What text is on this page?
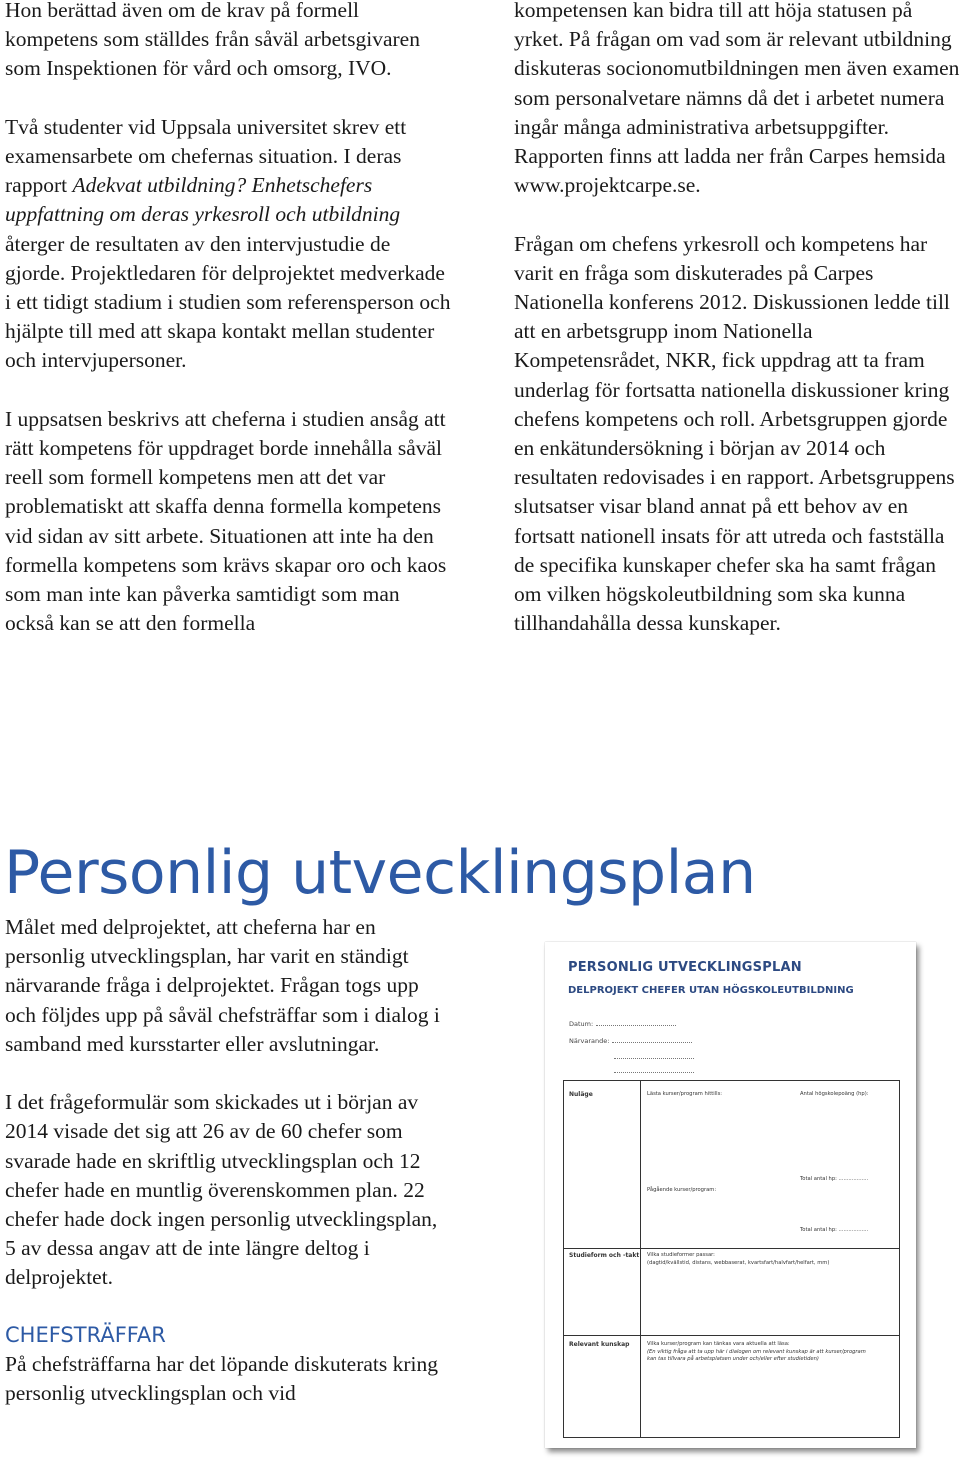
Hon berättad även om de krav på formell kompetens som ställdes från såväl arbetsgivaren som Inspektionen för vård och omsorg, IVO.

Två studenter vid Uppsala universitet skrev ett examensarbete om chefernas situation. I deras rapport Adekvat utbildning? Enhetschefers uppfattning om deras yrkesroll och utbildning återger de resultaten av den intervjustudie de gjorde. Projektledaren för delprojektet medverkade i ett tidigt stadium i studien som referensperson och hjälpte till med att skapa kontakt mellan studenter och intervjupersoner.

I uppsatsen beskrivs att cheferna i studien ansåg att rätt kompetens för uppdraget borde innehålla såväl reell som formell kompetens men att det var problematiskt att skaffa denna formella kompetens vid sidan av sitt arbete. Situationen att inte ha den formella kompetens som krävs skapar oro och kaos som man inte kan påverka samtidigt som man också kan se att den formella

kompetensen kan bidra till att höja statusen på yrket. På frågan om vad som är relevant utbildning diskuteras socionomutbildningen men även examen som personalvetare nämns då det i arbetet numera ingår många administrativa arbetsuppgifter. Rapporten finns att ladda ner från Carpes hemsida www.projektcarpe.se.

Frågan om chefens yrkesroll och kompetens har varit en fråga som diskuterades på Carpes Nationella konferens 2012. Diskussionen ledde till att en arbetsgrupp inom Nationella Kompetensrådet, NKR, fick uppdrag att ta fram underlag för fortsatta nationella diskussioner kring chefens kompetens och roll. Arbetsgruppen gjorde en enkätundersökning i början av 2014 och resultaten redovisades i en rapport. Arbetsgruppens slutsatser visar bland annat på ett behov av en fortsatt nationell insats för att utreda och fastställa de specifika kunskaper chefer ska ha samt frågan om vilken högskoleutbildning som ska kunna tillhandahålla dessa kunskaper.

Personlig utvecklingsplan

Målet med delprojektet, att cheferna har en personlig utvecklingsplan, har varit en ständigt närvarande fråga i delprojektet. Frågan togs upp och följdes upp på såväl chefsträffar som i dialog i samband med kursstarter eller avslutningar.

I det frågeformulär som skickades ut i början av 2014 visade det sig att 26 av de 60 chefer som svarade hade en skriftlig utvecklingsplan och 12 chefer hade en muntlig överenskommen plan. 22 chefer hade dock ingen personlig utvecklingsplan, 5 av dessa angav att de inte längre deltog i delprojektet.

CHEFSTRÄFFAR

På chefsträffarna har det löpande diskuterats kring personlig utvecklingsplan och vid

PERSONLIG UTVECKLINGSPLAN
DELPROJEKT CHEFER UTAN HÖGSKOLEUTBILDNING
Datum:
Närvarande:
Nuläge	Lästa kurser/program hittills:	Antal högskolepoäng (hp):
Pågående kurser/program:
Total antal hp: ..................
Total antal hp: ..................
Studieform och -takt Vilka studieformer passar:
(dagtid/kvällstid, distans, webbaserat, kvartsfart/halvfart/helfart, mm)
Relevant kunskap	Vilka kurser/program kan tänkas vara aktuella att läsa:
(En viktig fråga att ta upp här i dialogen om relevant kunskap är att kurser/program
kan tas tillvara på arbetsplatsen under och/eller efter studietiden)
